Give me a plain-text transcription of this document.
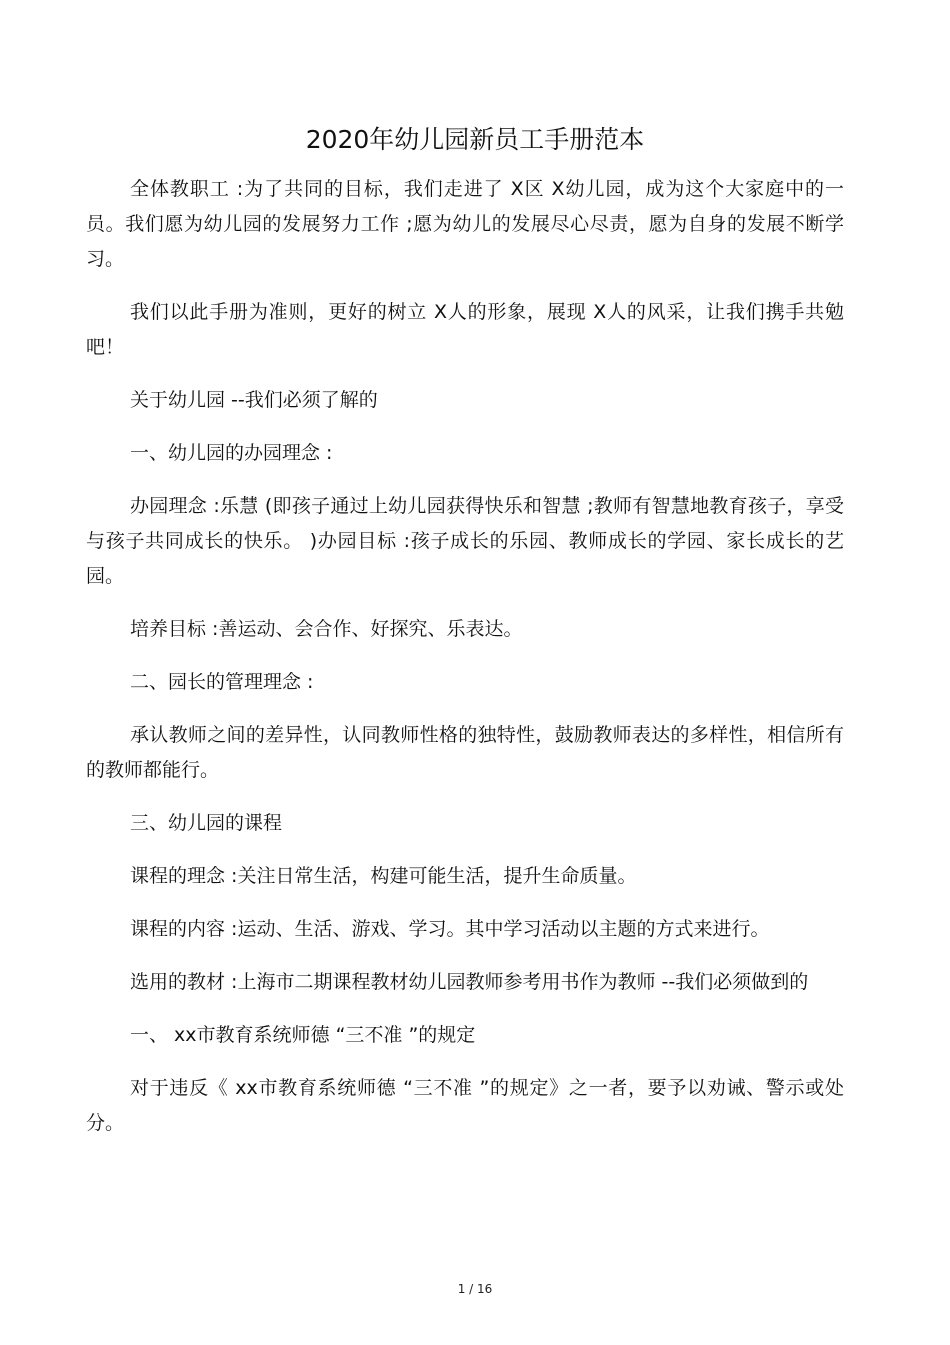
2020年幼儿园新员工手册范本

全体教职工 :为了共同的目标，我们走进了 X区 X幼儿园，成为这个大家庭中的一员。我们愿为幼儿园的发展努力工作 ;愿为幼儿的发展尽心尽责，愿为自身的发展不断学习。

我们以此手册为准则，更好的树立 X人的形象，展现 X人的风采，让我们携手共勉吧！

关于幼儿园 --我们必须了解的

一、幼儿园的办园理念 :

办园理念 :乐慧 (即孩子通过上幼儿园获得快乐和智慧 ;教师有智慧地教育孩子，享受与孩子共同成长的快乐。 )办园目标 :孩子成长的乐园、教师成长的学园、家长成长的艺园。

培养目标 :善运动、会合作、好探究、乐表达。

二、园长的管理理念 :

承认教师之间的差异性，认同教师性格的独特性，鼓励教师表达的多样性，相信所有的教师都能行。

三、幼儿园的课程

课程的理念 :关注日常生活，构建可能生活，提升生命质量。

课程的内容 :运动、生活、游戏、学习。其中学习活动以主题的方式来进行。

选用的教材 :上海市二期课程教材幼儿园教师参考用书作为教师 --我们必须做到的

一、 xx市教育系统师德 “三不准 ”的规定

对于违反《 xx市教育系统师德 “三不准 ”的规定》之一者，要予以劝诫、警示或处分。

1 / 16
